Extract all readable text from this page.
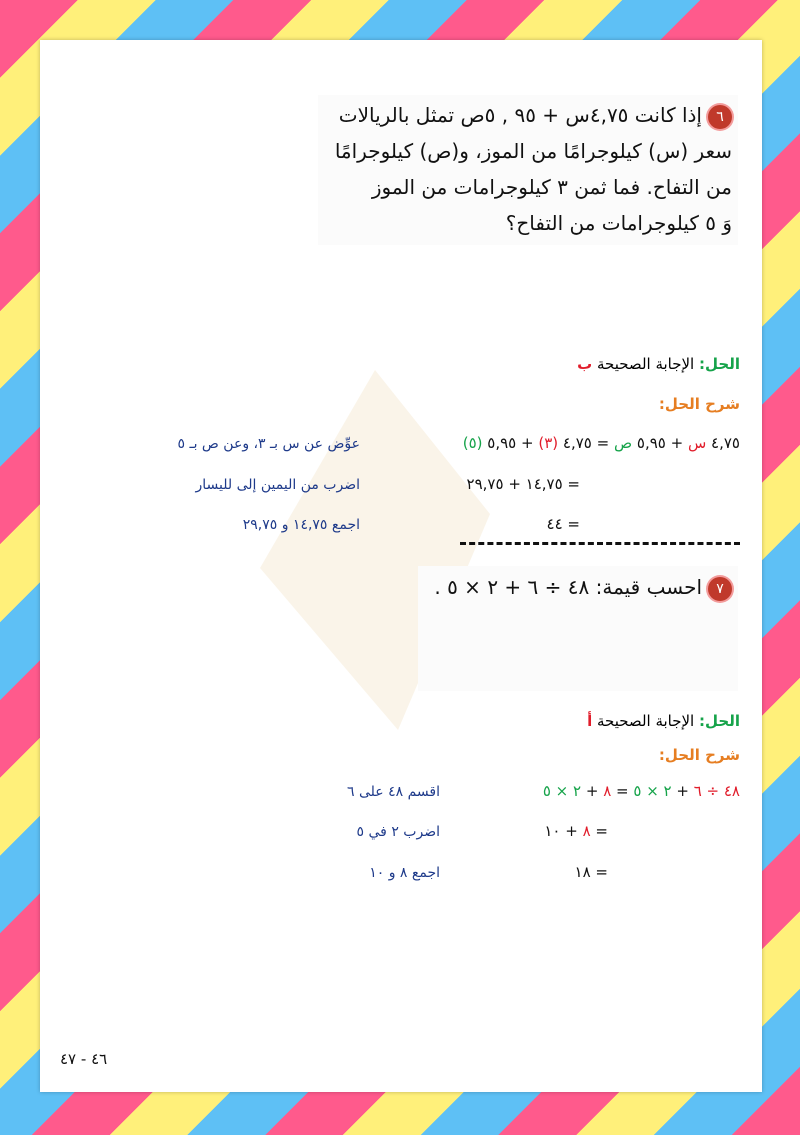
٦إذا كانت ٤,٧٥س + ٩٥ , ٥ص تمثل بالريالات
سعر (س) كيلوجرامًا من الموز، و(ص) كيلوجرامًا
من التفاح. فما ثمن ٣ كيلوجرامات من الموز
وَ ٥ كيلوجرامات من التفاح؟
الحل: الإجابة الصحيحة ب
شرح الحل:
٤,٧٥ س + ٥,٩٥ ص = ٤,٧٥ (٣) + ٥,٩٥ (٥)
عوِّض عن س بـ ٣، وعن ص بـ ٥
= ١٤,٧٥ + ٢٩,٧٥
اضرب من اليمين إلى لليسار
= ٤٤
اجمع ١٤,٧٥ و ٢٩,٧٥
٧احسب قيمة: ٤٨ ÷ ٦ + ٢ × ٥ .
الحل: الإجابة الصحيحة أ
شرح الحل:
٤٨ ÷ ٦ + ٢ × ٥ = ٨ + ٢ × ٥
اقسم ٤٨ على ٦
= ٨ + ١٠
اضرب ٢ في ٥
= ١٨
اجمع ٨ و ١٠
٤٦ - ٤٧
